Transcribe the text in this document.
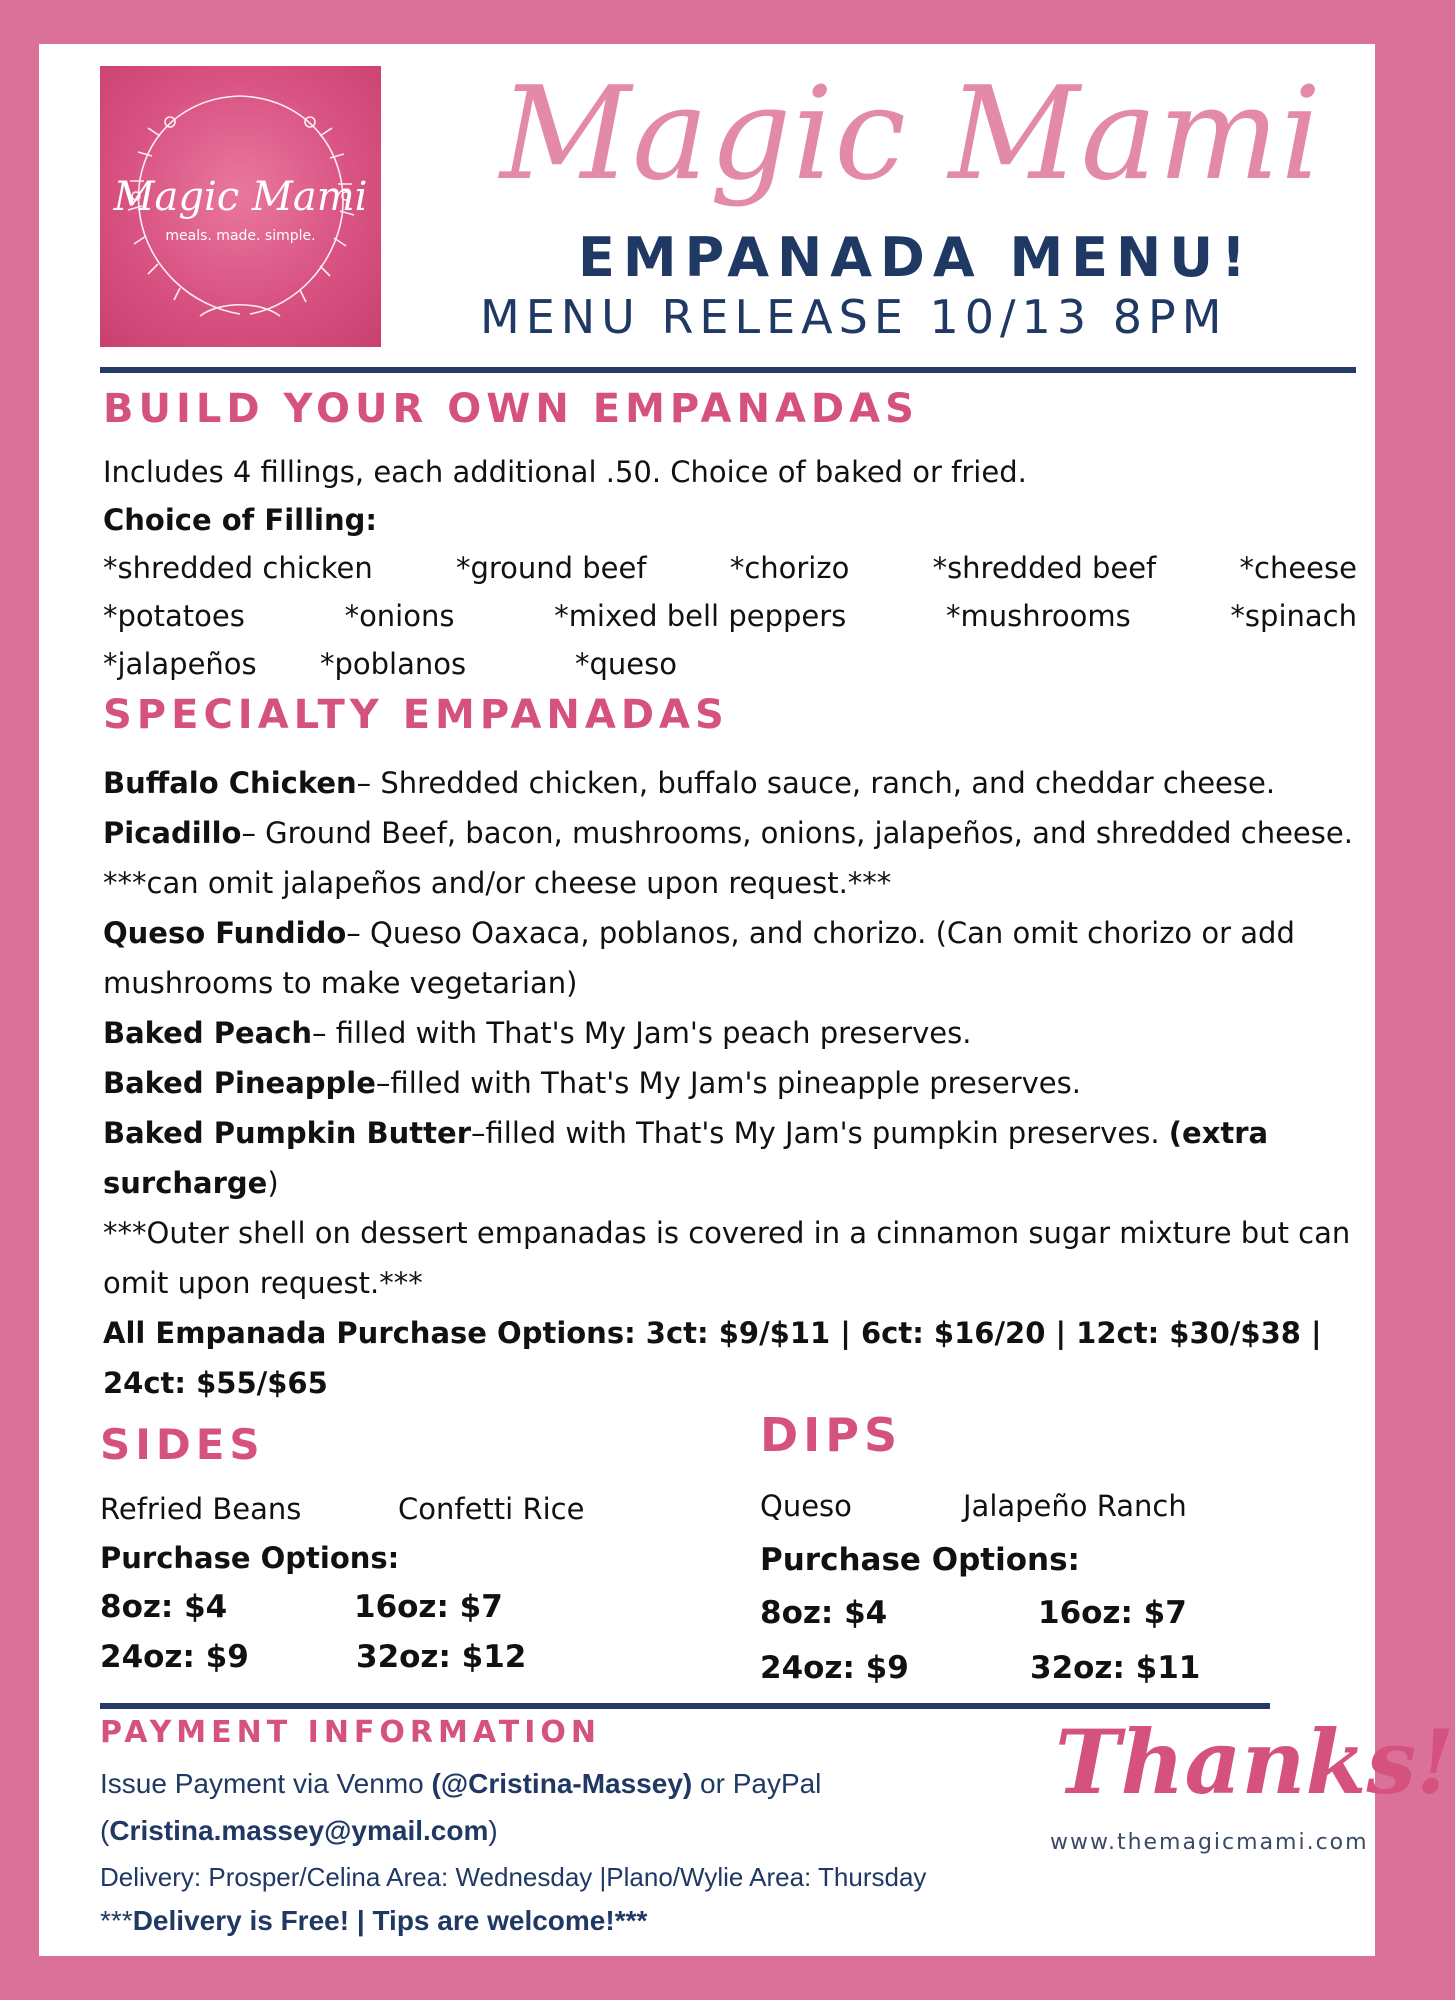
Magic Mami
meals. made. simple.
Magic Mami
EMPANADA MENU!
MENU RELEASE 10/13 8PM
BUILD YOUR OWN EMPANADAS
Includes 4 fillings, each additional .50. Choice of baked or fried.
Choice of Filling:
*shredded chicken	*ground beef	*chorizo	*shredded beef	*cheese
*potatoes	*onions	*mixed bell peppers	*mushrooms	*spinach
*jalapeños *poblanos	*queso
SPECIALTY EMPANADAS

Buffalo Chicken– Shredded chicken, buffalo sauce, ranch, and cheddar cheese.

Picadillo– Ground Beef, bacon, mushrooms, onions, jalapeños, and shredded cheese. ***can omit jalapeños and/or cheese upon request.***

Queso Fundido– Queso Oaxaca, poblanos, and chorizo. (Can omit chorizo or add mushrooms to make vegetarian)

Baked Peach– filled with That's My Jam's peach preserves.

Baked Pineapple–filled with That's My Jam's pineapple preserves.

Baked Pumpkin Butter–filled with That's My Jam's pumpkin preserves. (extra surcharge)

***Outer shell on dessert empanadas is covered in a cinnamon sugar mixture but can omit upon request.***

All Empanada Purchase Options: 3ct: $9/$11 | 6ct: $16/20 | 12ct: $30/$38 | 24ct: $55/$65

SIDES
Refried Beans	Confetti Rice
Purchase Options:
8oz: $4	16oz: $7
24oz: $9	32oz: $12
DIPS
Queso	Jalapeño Ranch
Purchase Options:
8oz: $4	16oz: $7
24oz: $9	32oz: $11
PAYMENT INFORMATION
Issue Payment via Venmo (@Cristina-Massey) or PayPal
(Cristina.massey@ymail.com)
Delivery: Prosper/Celina Area: Wednesday |Plano/Wylie Area: Thursday
***Delivery is Free! | Tips are welcome!***
Thanks!
www.themagicmami.com
